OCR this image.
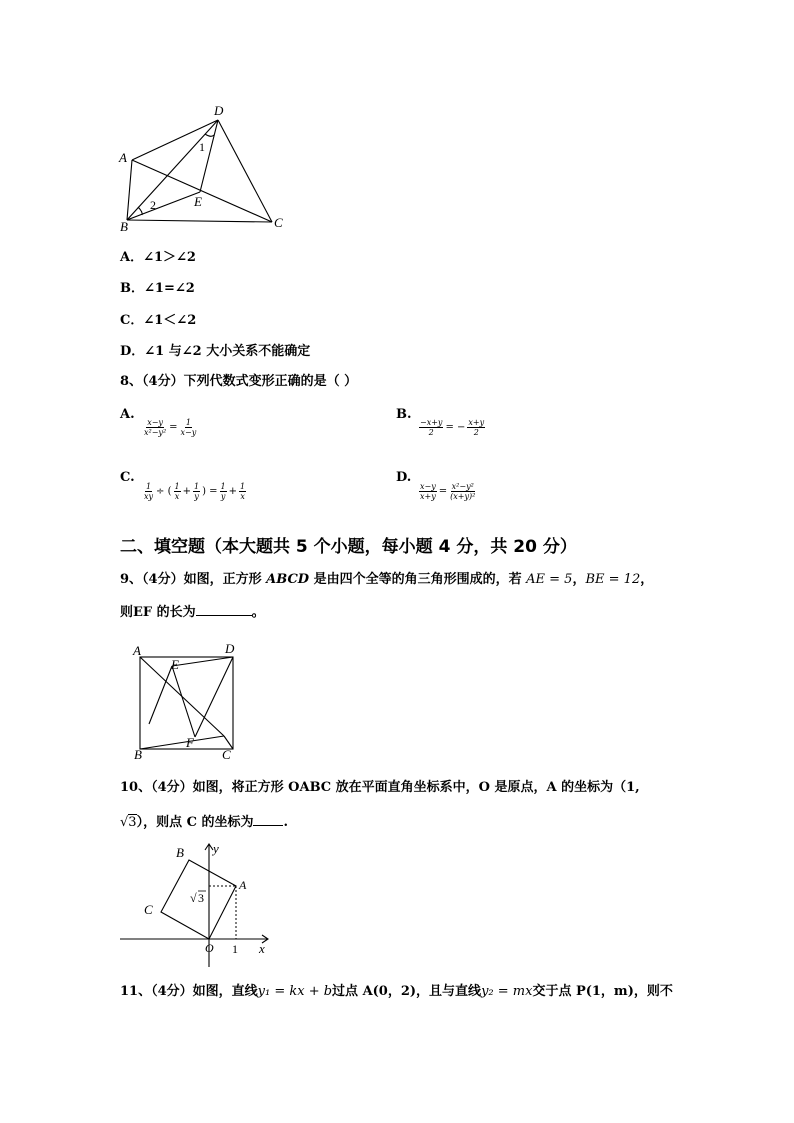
D
A
B	C
E
1
2
A．∠1＞∠2
B．∠1=∠2
C．∠1＜∠2
D．∠1 与∠2 大小关系不能确定
8、（4分）下列代数式变形正确的是（ ）
A.
$\frac{x-y}{\text{x²−y²}} = \frac{1}{x-y}$
B.
$\frac{-x+y}{2}$ = − $\frac{x+y}{2}$
C.
$\frac{1}{xy}$ ÷ ( $\frac{1}{x} + \frac{1}{y}$ ) = $\frac{1}{y} + \frac{1}{x}$
D.
$\frac{x-y}{x+y} = \frac{\text{x²−y²}}{\text{(x+y)²}}$
二、填空题（本大题共 5 个小题，每小题 4 分，共 20 分）
9、（4分）如图，正方形 ABCD 是由四个全等的角三角形围成的，若 AE = 5，BE = 12，
则EF 的长为	。
A	D
E
F
B	C
10、（4分）如图，将正方形 OABC 放在平面直角坐标系中，O 是原点，A 的坐标为（1,
√3），则点 C 的坐标为 .
B y
A
C
√ 3
O 1 x
11、（4分）如图，直线y₁ = kx + b过点 A(0，2)，且与直线y₂ = mx交于点 P(1，m)，则不
